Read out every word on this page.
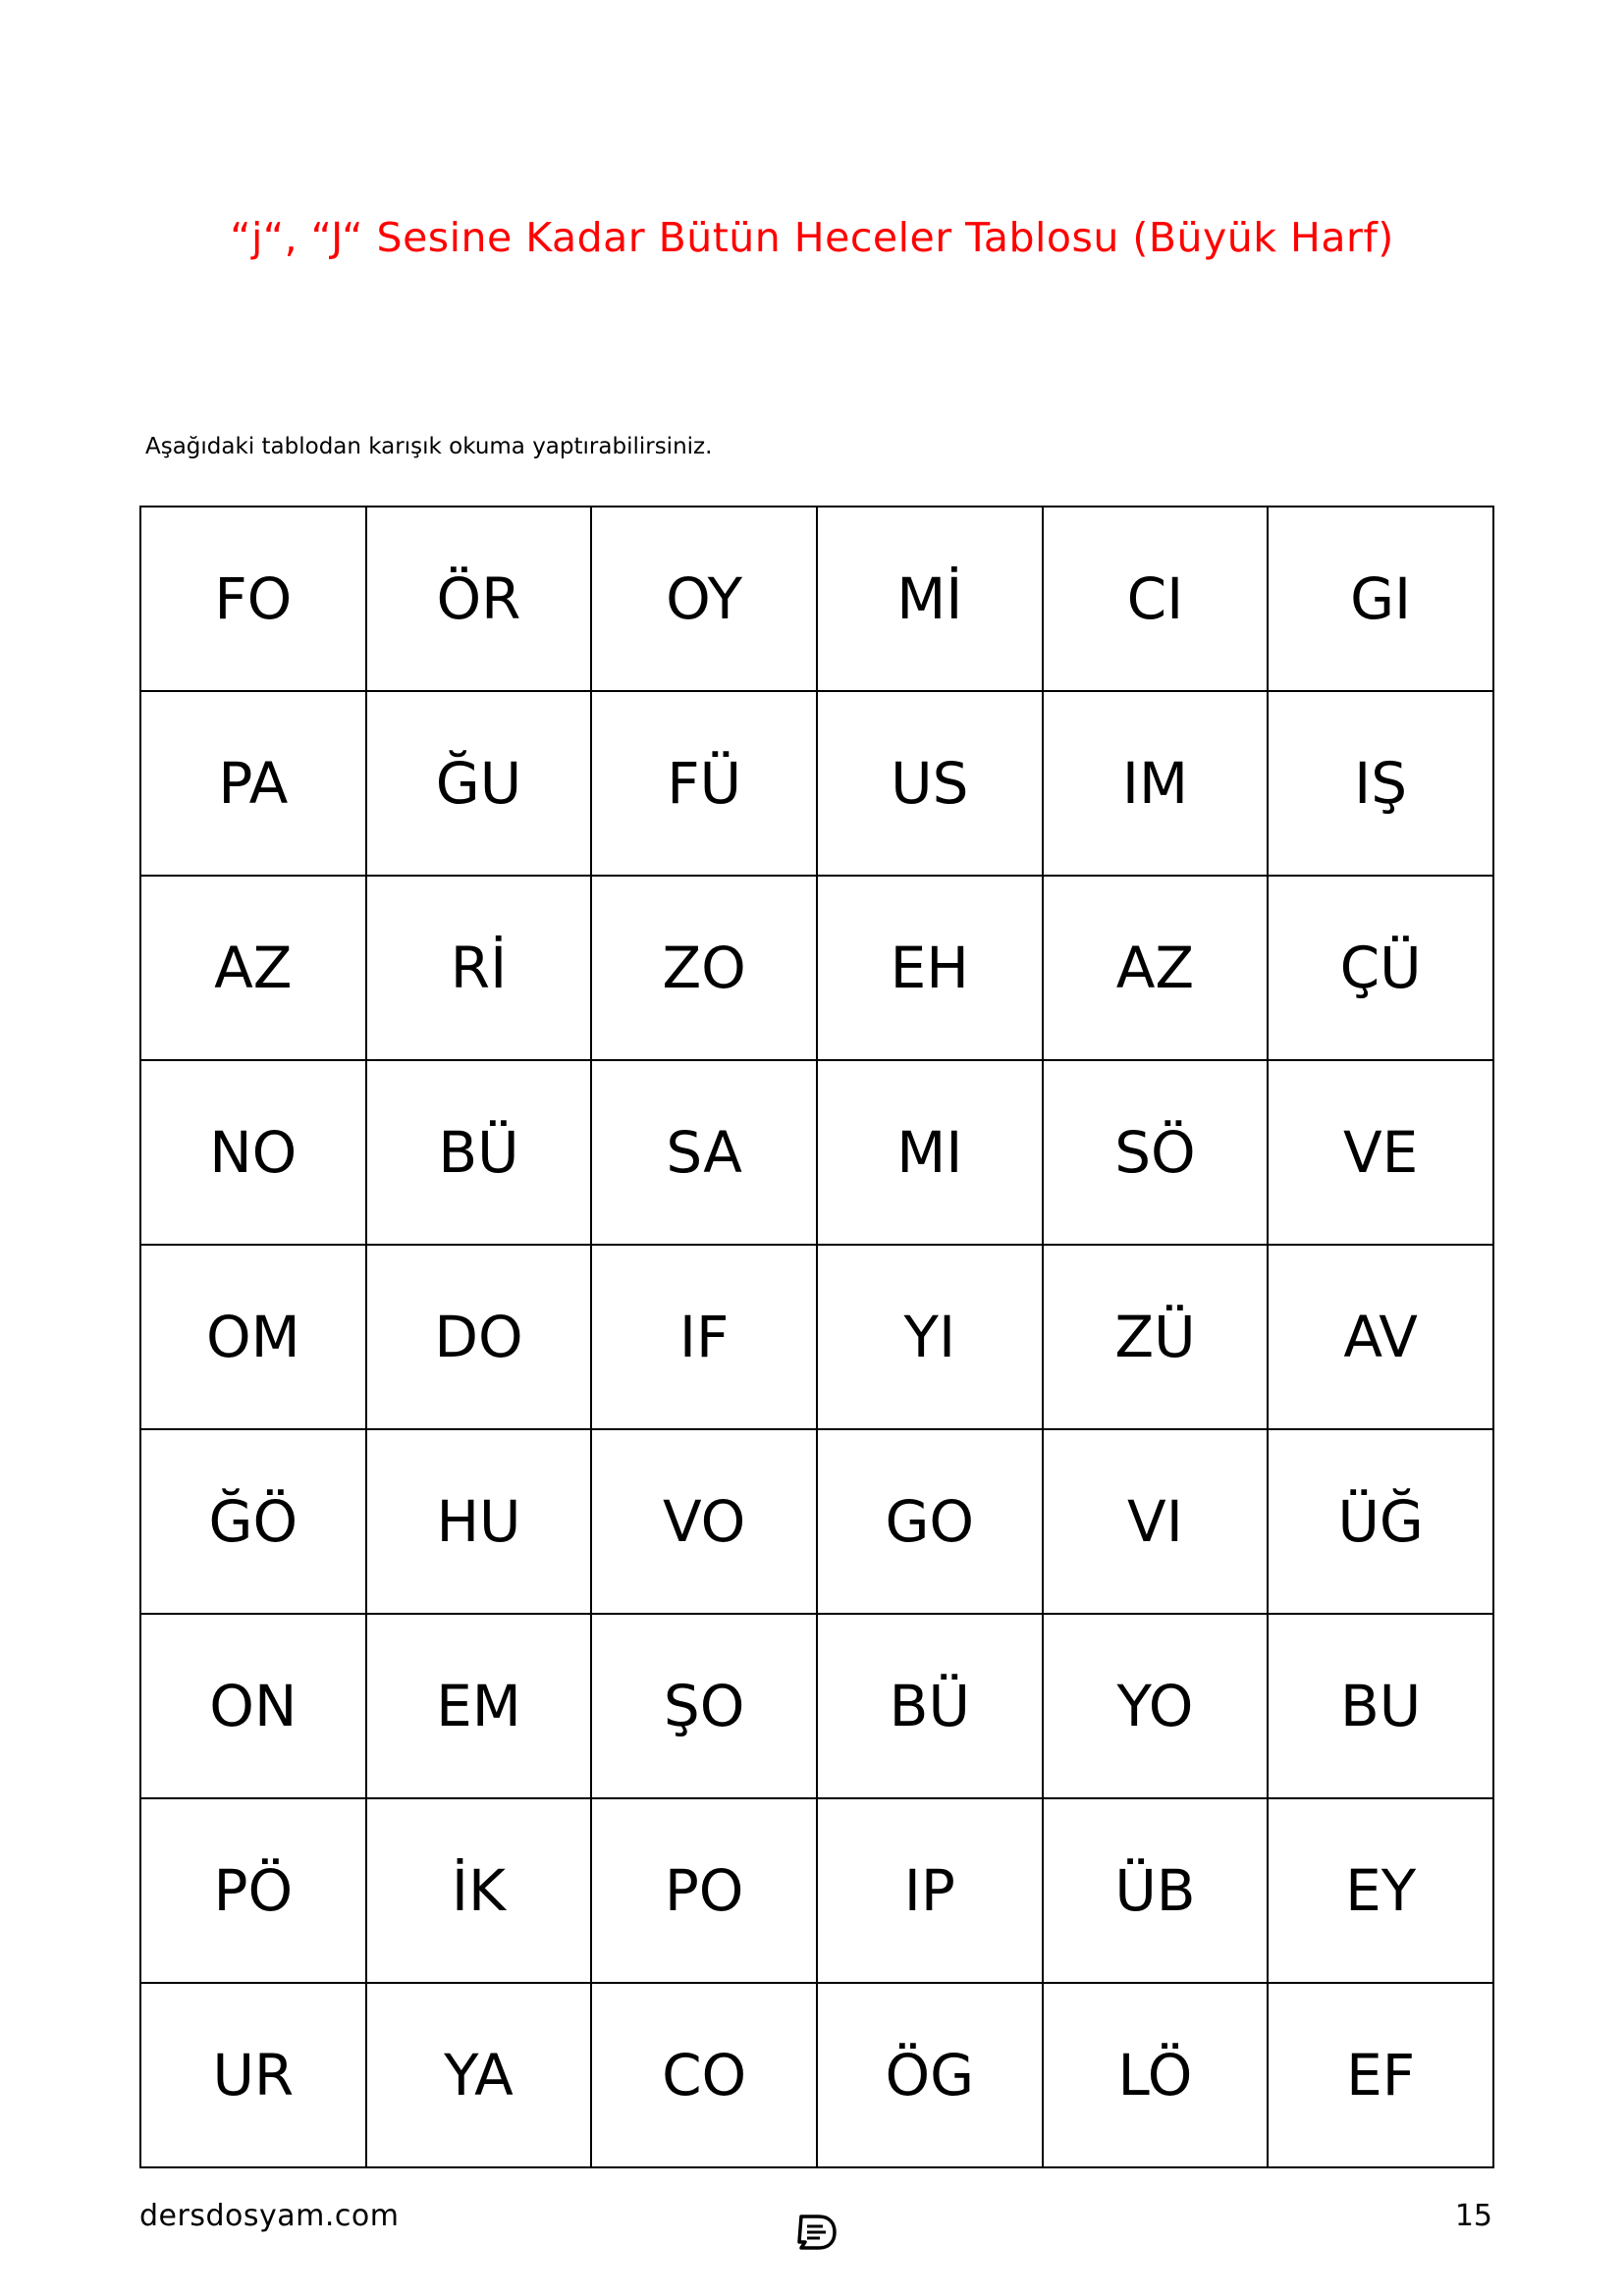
“j“, “J“ Sesine Kadar Bütün Heceler Tablosu (Büyük Harf)
Aşağıdaki tablodan karışık okuma yaptırabilirsiniz.
FO	ÖR	OY	Mİ	CI	GI
PA	ĞU	FÜ	US	IM	IŞ
AZ	Rİ	ZO	EH	AZ	ÇÜ
NO	BÜ	SA	MI	SÖ	VE
OM	DO	IF	YI	ZÜ	AV
ĞÖ	HU	VO	GO	VI	ÜĞ
ON	EM	ŞO	BÜ	YO	BU
PÖ	İK	PO	IP	ÜB	EY
UR	YA	CO	ÖG	LÖ	EF
dersdosyam.com	15
